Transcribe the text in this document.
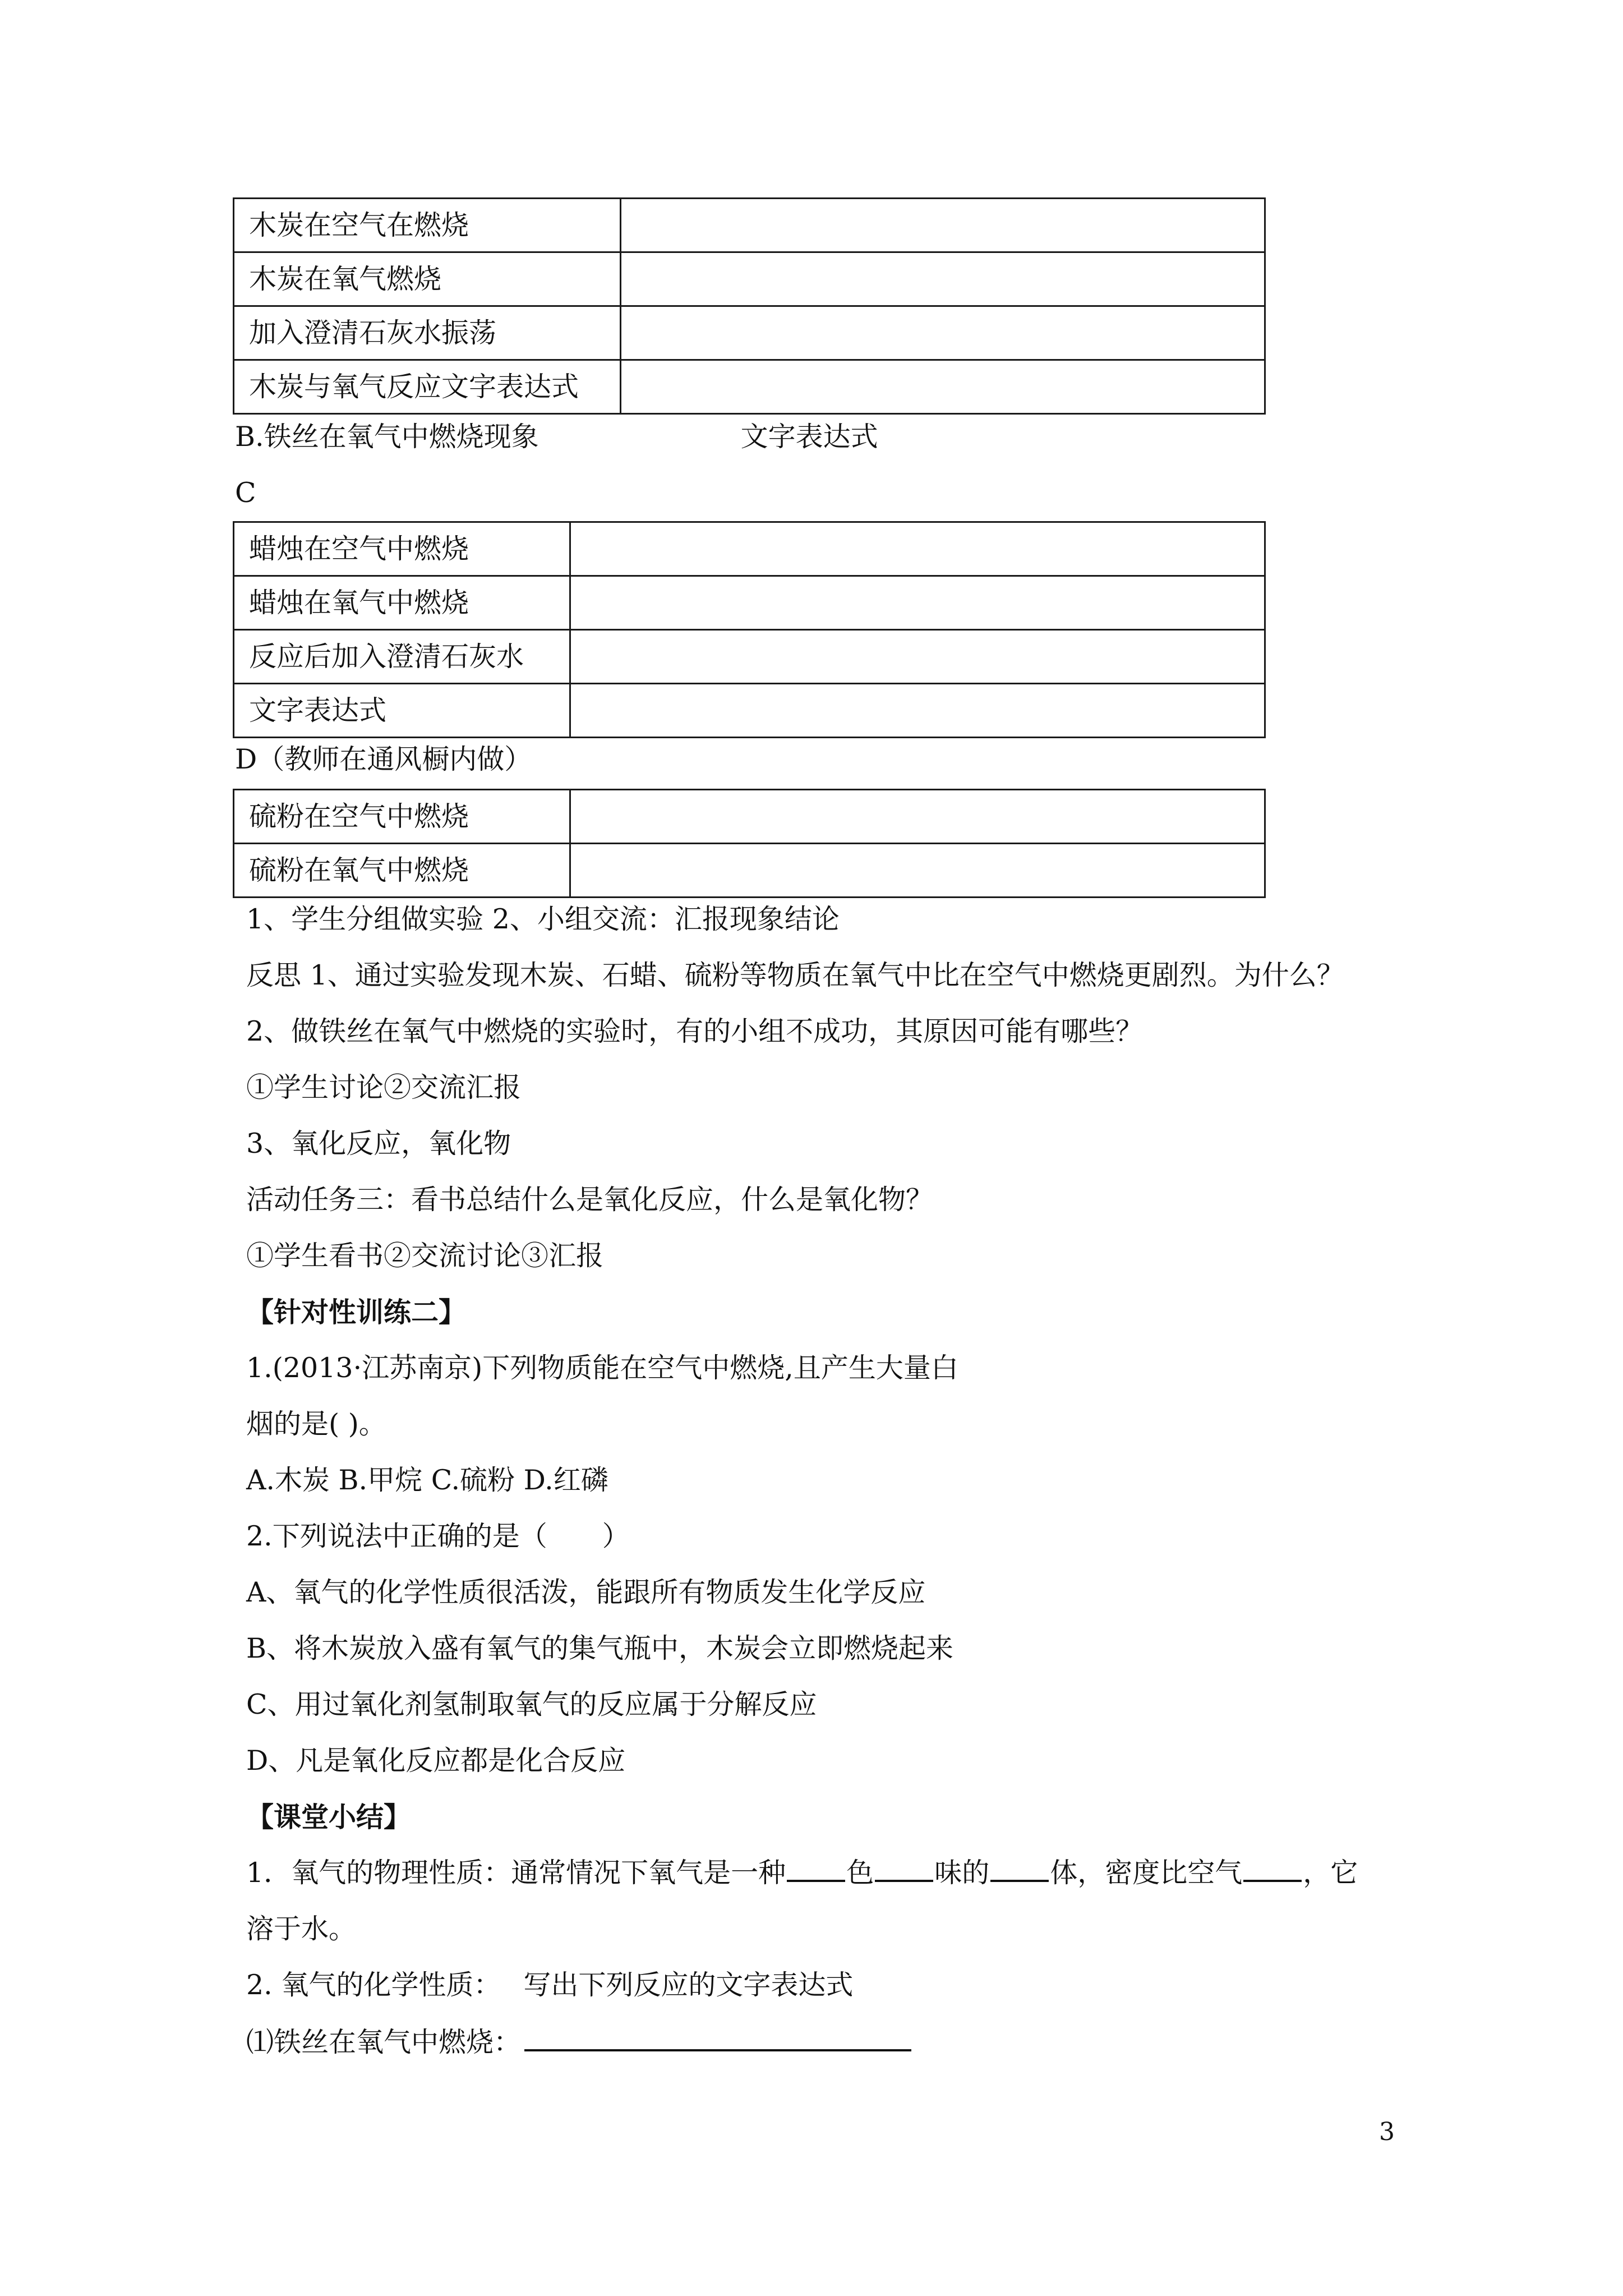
木炭在空气在燃烧	
木炭在氧气燃烧	
加入澄清石灰水振荡	
木炭与氧气反应文字表达式	
B.铁丝在氧气中燃烧现象	文字表达式
C
蜡烛在空气中燃烧	
蜡烛在氧气中燃烧	
反应后加入澄清石灰水	
文字表达式	
D（教师在通风橱内做）
硫粉在空气中燃烧	
硫粉在氧气中燃烧	
1、学生分组做实验 2、小组交流：汇报现象结论
反思 1、通过实验发现木炭、石蜡、硫粉等物质在氧气中比在空气中燃烧更剧烈。为什么？
2、做铁丝在氧气中燃烧的实验时，有的小组不成功，其原因可能有哪些？
①学生讨论②交流汇报
3、氧化反应，氧化物
活动任务三：看书总结什么是氧化反应，什么是氧化物？
①学生看书②交流讨论③汇报
【针对性训练二】
1.(2013·江苏南京)下列物质能在空气中燃烧,且产生大量白
烟的是( )。
A.木炭 B.甲烷 C.硫粉 D.红磷
2.下列说法中正确的是（　　）
A、氧气的化学性质很活泼，能跟所有物质发生化学反应
B、将木炭放入盛有氧气的集气瓶中，木炭会立即燃烧起来
C、用过氧化剂氢制取氧气的反应属于分解反应
D、凡是氧化反应都是化合反应
【课堂小结】
1．氧气的物理性质：通常情况下氧气是一种 色 味的 体，密度比空气 ，它
溶于水。
2. 氧气的化学性质：　 写出下列反应的文字表达式
⑴铁丝在氧气中燃烧：
3
